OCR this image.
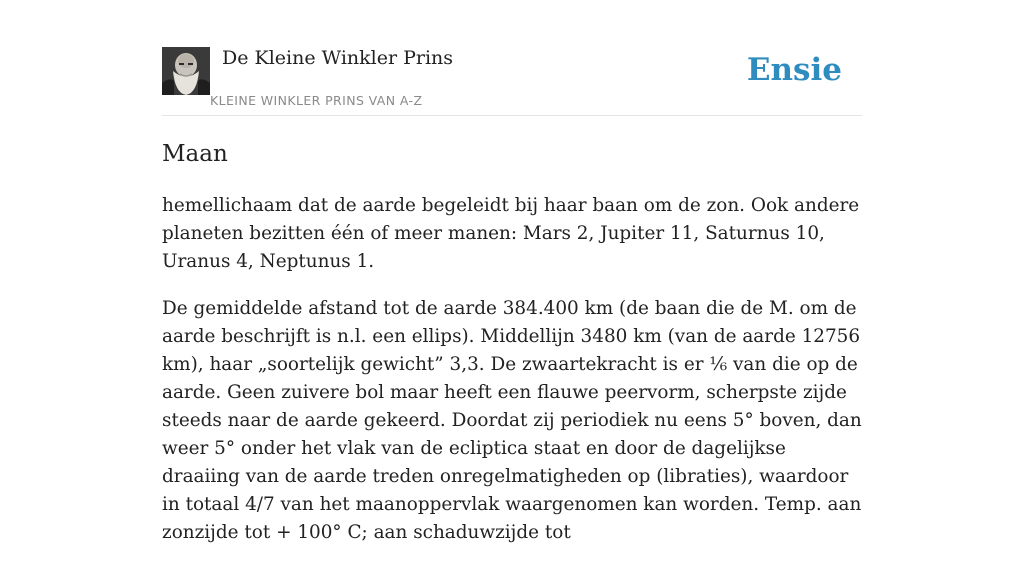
De Kleine Winkler Prins
KLEINE WINKLER PRINS VAN A-Z
Ensie
Maan

hemellichaam dat de aarde begeleidt bij haar baan om de zon. Ook andere planeten bezitten één of meer manen: Mars 2, Jupiter 11, Saturnus 10, Uranus 4, Neptunus 1.

De gemiddelde afstand tot de aarde 384.400 km (de baan die de M. om de aarde beschrijft is n.l. een ellips). Middellijn 3480 km (van de aarde 12756 km), haar „soortelijk gewicht” 3,3. De zwaartekracht is er ⅙ van die op de aarde. Geen zuivere bol maar heeft een flauwe peervorm, scherpste zijde steeds naar de aarde gekeerd. Doordat zij periodiek nu eens 5° boven, dan weer 5° onder het vlak van de ecliptica staat en door de dagelijkse draaiing van de aarde treden onregelmatigheden op (libraties), waardoor in totaal 4/7 van het maanoppervlak waargenomen kan worden. Temp. aan zonzijde tot + 100° C; aan schaduwzijde tot
